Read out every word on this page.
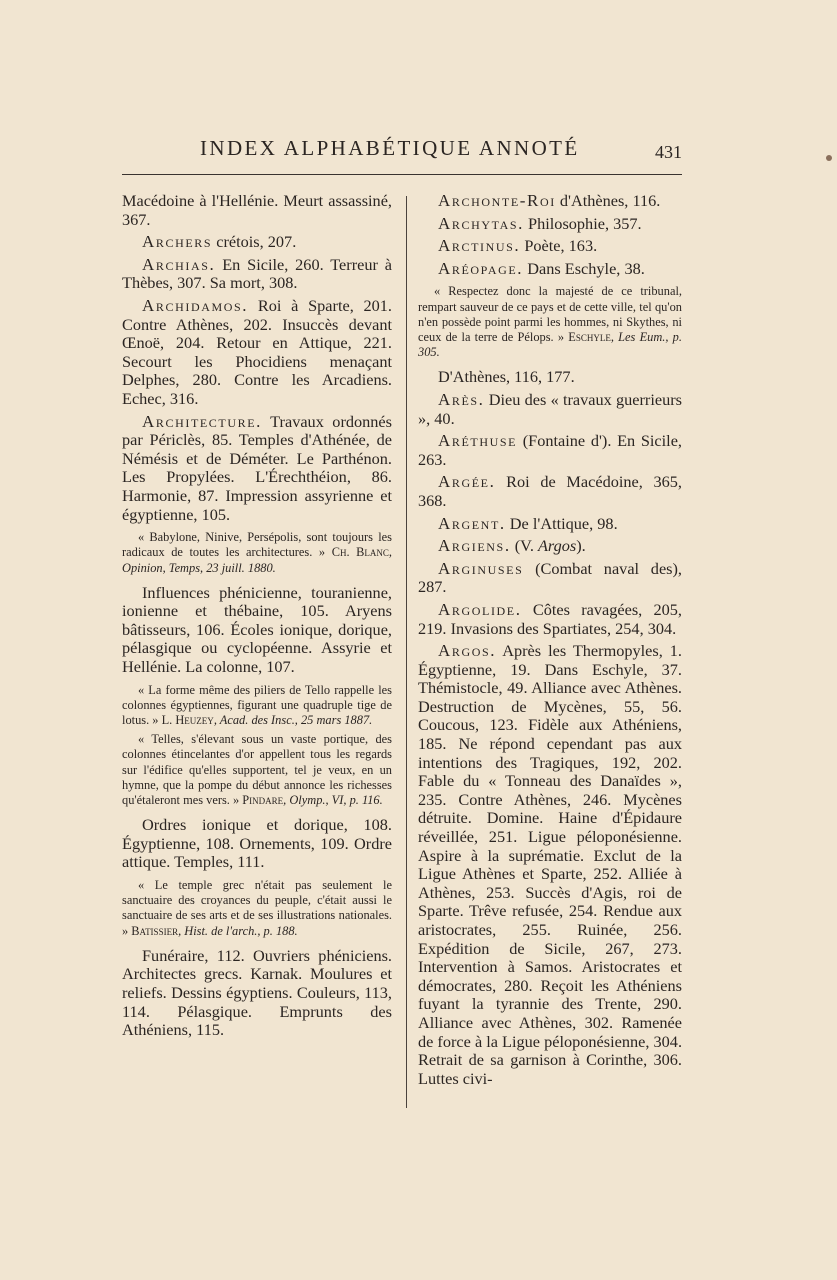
INDEX ALPHABÉTIQUE ANNOTÉ	431

Macédoine à l'Hellénie. Meurt assassiné, 367.

Archers crétois, 207.

Archias. En Sicile, 260. Terreur à Thèbes, 307. Sa mort, 308.

Archidamos. Roi à Sparte, 201. Contre Athènes, 202. Insuccès devant Œnoë, 204. Retour en Attique, 221. Secourt les Phocidiens menaçant Delphes, 280. Contre les Arcadiens. Echec, 316.

Architecture. Travaux ordonnés par Périclès, 85. Temples d'Athénée, de Némésis et de Déméter. Le Parthénon. Les Propylées. L'Érechthéion, 86. Harmonie, 87. Impression assyrienne et égyptienne, 105.

« Babylone, Ninive, Persépolis, sont toujours les radicaux de toutes les architectures. » Ch. Blanc, Opinion, Temps, 23 juill. 1880.

Influences phénicienne, touranienne, ionienne et thébaine, 105. Aryens bâtisseurs, 106. Écoles ionique, dorique, pélasgique ou cyclopéenne. Assyrie et Hellénie. La colonne, 107.

« La forme même des piliers de Tello rappelle les colonnes égyptiennes, figurant une quadruple tige de lotus. » L. Heuzey, Acad. des Insc., 25 mars 1887.

« Telles, s'élevant sous un vaste portique, des colonnes étincelantes d'or appellent tous les regards sur l'édifice qu'elles supportent, tel je veux, en un hymne, que la pompe du début annonce les richesses qu'étaleront mes vers. » Pindare, Olymp., VI, p. 116.

Ordres ionique et dorique, 108. Égyptienne, 108. Ornements, 109. Ordre attique. Temples, 111.

« Le temple grec n'était pas seulement le sanctuaire des croyances du peuple, c'était aussi le sanctuaire de ses arts et de ses illustrations nationales. » Batissier, Hist. de l'arch., p. 188.

Funéraire, 112. Ouvriers phéniciens. Architectes grecs. Karnak. Moulures et reliefs. Dessins égyptiens. Couleurs, 113, 114. Pélasgique. Emprunts des Athéniens, 115.

Archonte-Roi d'Athènes, 116.

Archytas. Philosophie, 357.

Arctinus. Poète, 163.

Aréopage. Dans Eschyle, 38.

« Respectez donc la majesté de ce tribunal, rempart sauveur de ce pays et de cette ville, tel qu'on n'en possède point parmi les hommes, ni Skythes, ni ceux de la terre de Pélops. » Eschyle, Les Eum., p. 305.

D'Athènes, 116, 177.

Arès. Dieu des « travaux guerrieurs », 40.

Aréthuse (Fontaine d'). En Sicile, 263.

Argée. Roi de Macédoine, 365, 368.

Argent. De l'Attique, 98.

Argiens. (V. Argos).

Arginuses (Combat naval des), 287.

Argolide. Côtes ravagées, 205, 219. Invasions des Spartiates, 254, 304.

Argos. Après les Thermopyles, 1. Égyptienne, 19. Dans Eschyle, 37. Thémistocle, 49. Alliance avec Athènes. Destruction de Mycènes, 55, 56. Coucous, 123. Fidèle aux Athéniens, 185. Ne répond cependant pas aux intentions des Tragiques, 192, 202. Fable du « Tonneau des Danaïdes », 235. Contre Athènes, 246. Mycènes détruite. Domine. Haine d'Épidaure réveillée, 251. Ligue péloponésienne. Aspire à la suprématie. Exclut de la Ligue Athènes et Sparte, 252. Alliée à Athènes, 253. Succès d'Agis, roi de Sparte. Trêve refusée, 254. Rendue aux aristocrates, 255. Ruinée, 256. Expédition de Sicile, 267, 273. Intervention à Samos. Aristocrates et démocrates, 280. Reçoit les Athéniens fuyant la tyrannie des Trente, 290. Alliance avec Athènes, 302. Ramenée de force à la Ligue péloponésienne, 304. Retrait de sa garnison à Corinthe, 306. Luttes civi-
